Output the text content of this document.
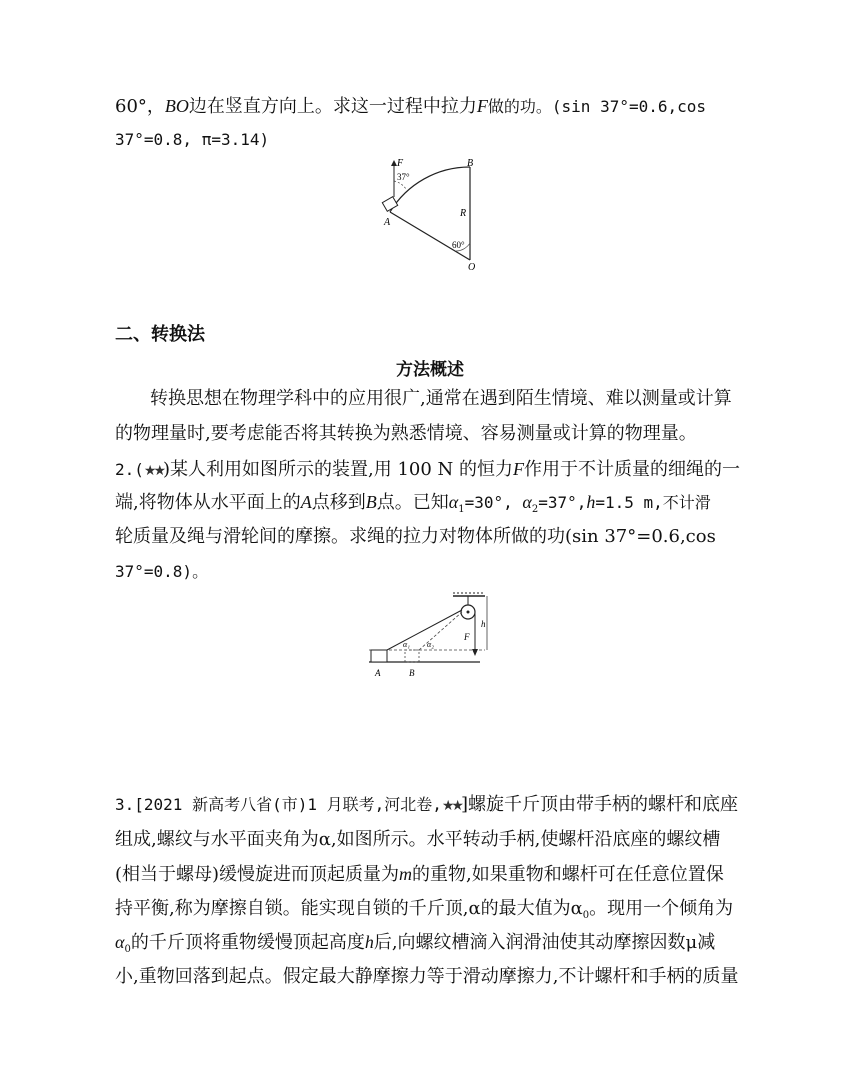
60°，BO边在竖直方向上。求这一过程中拉力F做的功。(sin 37°=0.6,cos
37°=0.8, π=3.14)
F	B
A
O
R
37°
60°
二、转换法
方法概述
转换思想在物理学科中的应用很广,通常在遇到陌生情境、难以测量或计算
的物理量时,要考虑能否将其转换为熟悉情境、容易测量或计算的物理量。
2.(★★)某人利用如图所示的装置,用 100 N 的恒力F作用于不计质量的细绳的一
端,将物体从水平面上的A点移到B点。已知$\alpha_1=30^\circ$, $\alpha_2=37^\circ,h=1.5$ m,不计滑
轮质量及绳与滑轮间的摩擦。求绳的拉力对物体所做的功(sin 37°=0.6,cos
37°=0.8)。
α₁ α₂
F
h
A	B
3.[2021 新高考八省(市)1 月联考,河北卷,★★]螺旋千斤顶由带手柄的螺杆和底座
组成,螺纹与水平面夹角为α,如图所示。水平转动手柄,使螺杆沿底座的螺纹槽
(相当于螺母)缓慢旋进而顶起质量为m的重物,如果重物和螺杆可在任意位置保
持平衡,称为摩擦自锁。能实现自锁的千斤顶,α的最大值为$\alpha_0$。现用一个倾角为
$\alpha_0$的千斤顶将重物缓慢顶起高度h后,向螺纹槽滴入润滑油使其动摩擦因数μ减
小,重物回落到起点。假定最大静摩擦力等于滑动摩擦力,不计螺杆和手柄的质量
